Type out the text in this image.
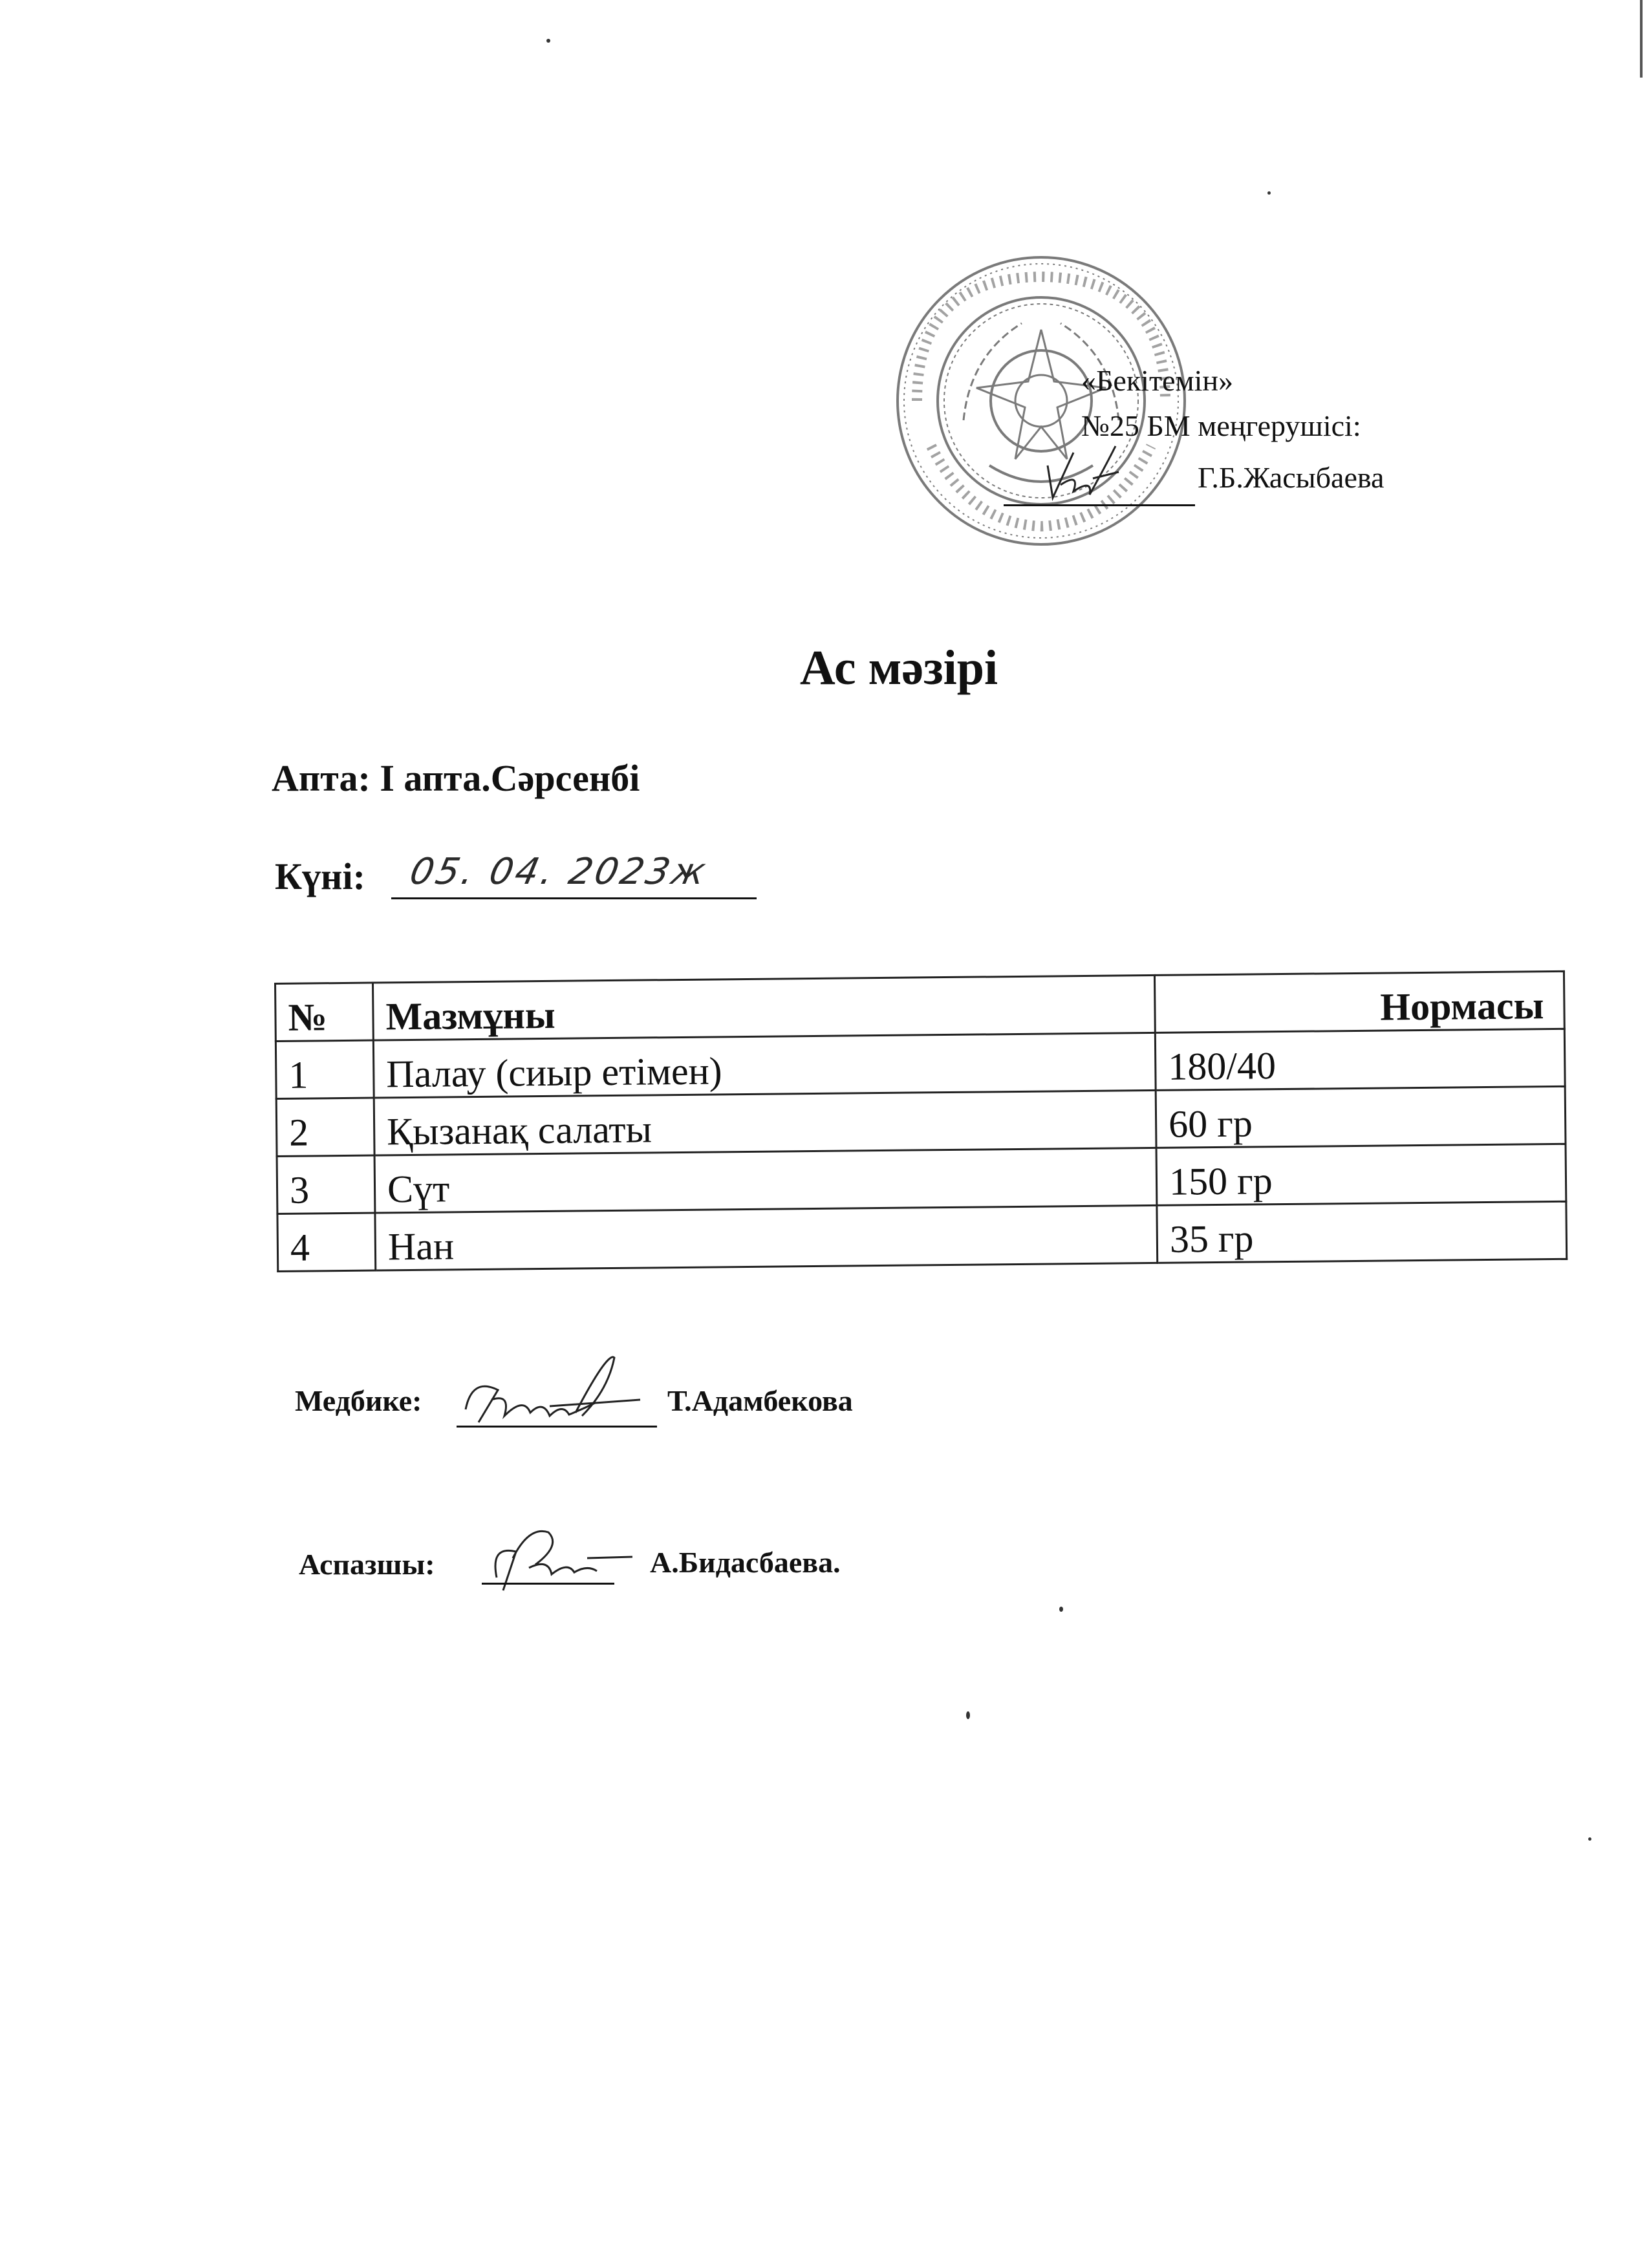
«Бекітемін»
№25 БМ меңгерушісі:
Г.Б.Жасыбаева
Ас мәзірі
Апта: I апта.Сәрсенбі
Күні: 05. 04. 2023ж
№	Мазмұны	Нормасы
1	Палау (сиыр етімен)	180/40
2	Қызанақ салаты	60 гр
3	Сүт	150 гр
4	Нан	35 гр
Медбике:	Т.Адамбекова
Аспазшы:	А.Бидасбаева.
